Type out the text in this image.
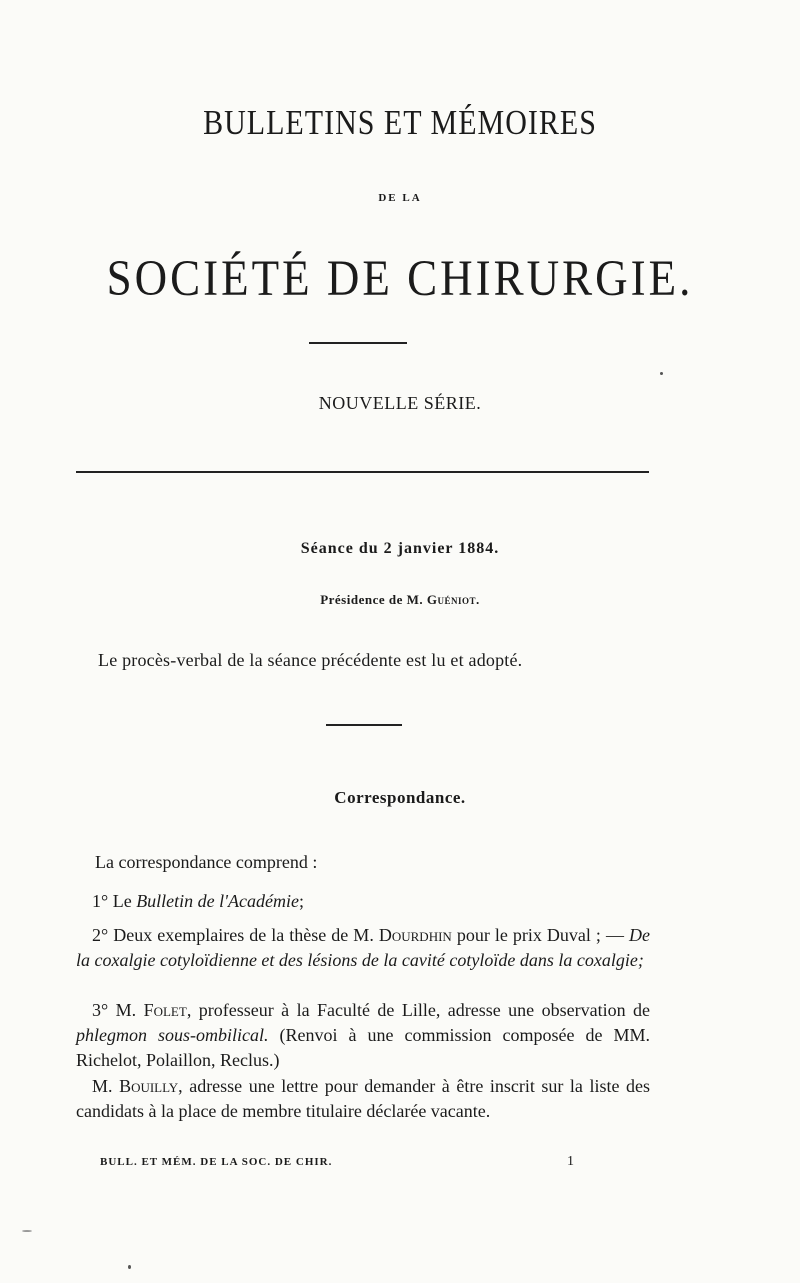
BULLETINS ET MÉMOIRES
DE LA
SOCIÉTÉ DE CHIRURGIE.
NOUVELLE SÉRIE.
Séance du 2 janvier 1884.
Présidence de M. Guéniot.
Le procès-verbal de la séance précédente est lu et adopté.
Correspondance.
La correspondance comprend :
1° Le Bulletin de l'Académie;
2° Deux exemplaires de la thèse de M. Dourdhin pour le prix Duval ; — De la coxalgie cotyloïdienne et des lésions de la cavité cotyloïde dans la coxalgie;
3° M. Folet, professeur à la Faculté de Lille, adresse une observation de phlegmon sous-ombilical. (Renvoi à une commission composée de MM. Richelot, Polaillon, Reclus.)
M. Bouilly, adresse une lettre pour demander à être inscrit sur la liste des candidats à la place de membre titulaire déclarée vacante.
BULL. ET MÉM. DE LA SOC. DE CHIR.	1
